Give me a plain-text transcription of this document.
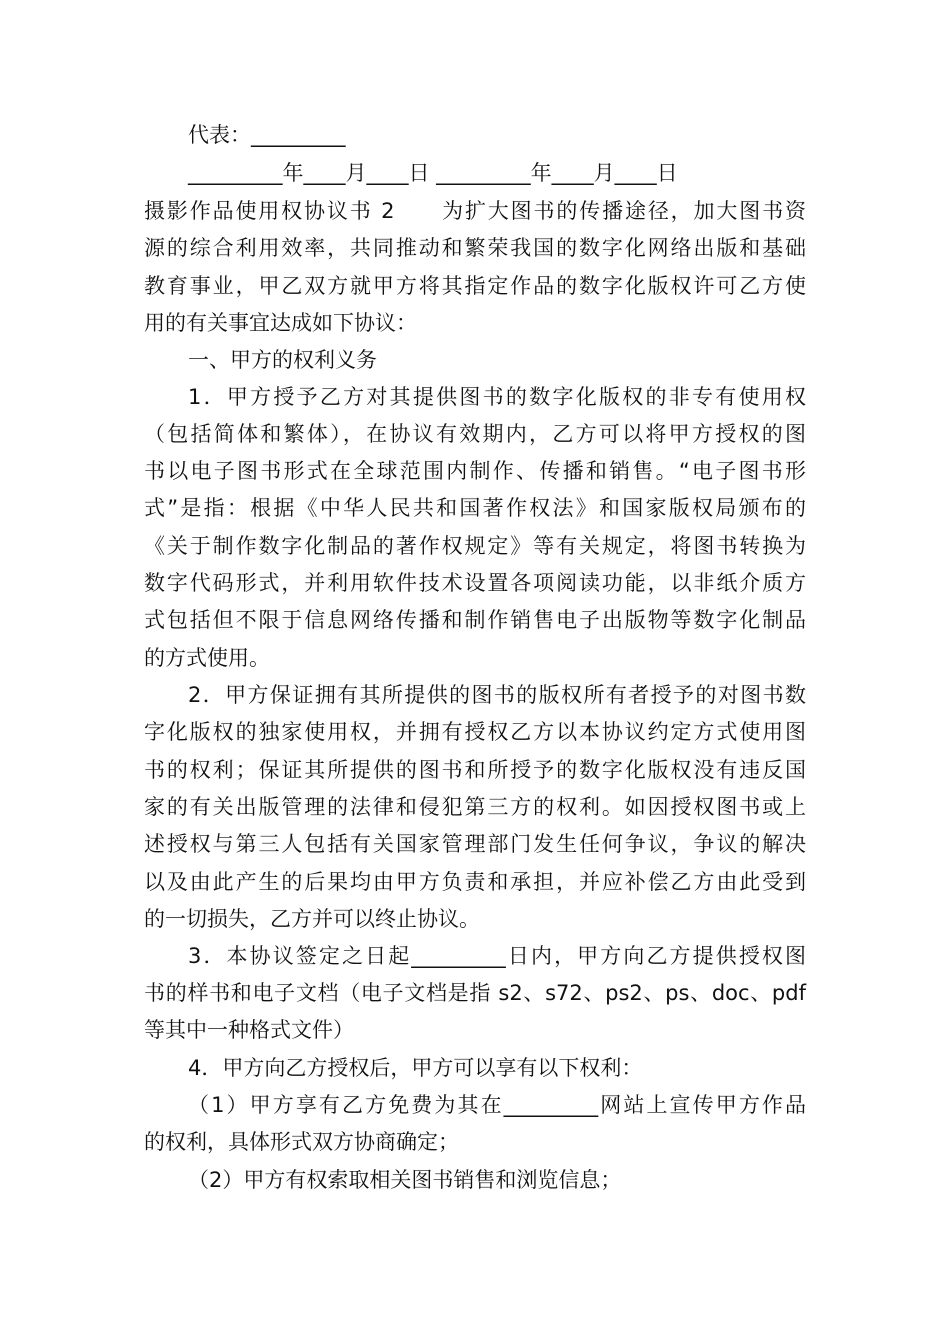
代表：_________
_________年____月____日 _________年____月____日
摄影作品使用权协议书 2　　为扩大图书的传播途径，加大图书资
源的综合利用效率，共同推动和繁荣我国的数字化网络出版和基础
教育事业，甲乙双方就甲方将其指定作品的数字化版权许可乙方使
用的有关事宜达成如下协议：
一、甲方的权利义务
1．甲方授予乙方对其提供图书的数字化版权的非专有使用权
（包括简体和繁体），在协议有效期内，乙方可以将甲方授权的图
书以电子图书形式在全球范围内制作、传播和销售。“电子图书形
式”是指：根据《中华人民共和国著作权法》和国家版权局颁布的
《关于制作数字化制品的著作权规定》等有关规定，将图书转换为
数字代码形式，并利用软件技术设置各项阅读功能，以非纸介质方
式包括但不限于信息网络传播和制作销售电子出版物等数字化制品
的方式使用。
2．甲方保证拥有其所提供的图书的版权所有者授予的对图书数
字化版权的独家使用权，并拥有授权乙方以本协议约定方式使用图
书的权利；保证其所提供的图书和所授予的数字化版权没有违反国
家的有关出版管理的法律和侵犯第三方的权利。如因授权图书或上
述授权与第三人包括有关国家管理部门发生任何争议，争议的解决
以及由此产生的后果均由甲方负责和承担，并应补偿乙方由此受到
的一切损失，乙方并可以终止协议。
3．本协议签定之日起_________日内，甲方向乙方提供授权图
书的样书和电子文档（电子文档是指 s2、s72、ps2、ps、doc、pdf
等其中一种格式文件）
4．甲方向乙方授权后，甲方可以享有以下权利：
（1）甲方享有乙方免费为其在_________网站上宣传甲方作品
的权利，具体形式双方协商确定；
（2）甲方有权索取相关图书销售和浏览信息；
